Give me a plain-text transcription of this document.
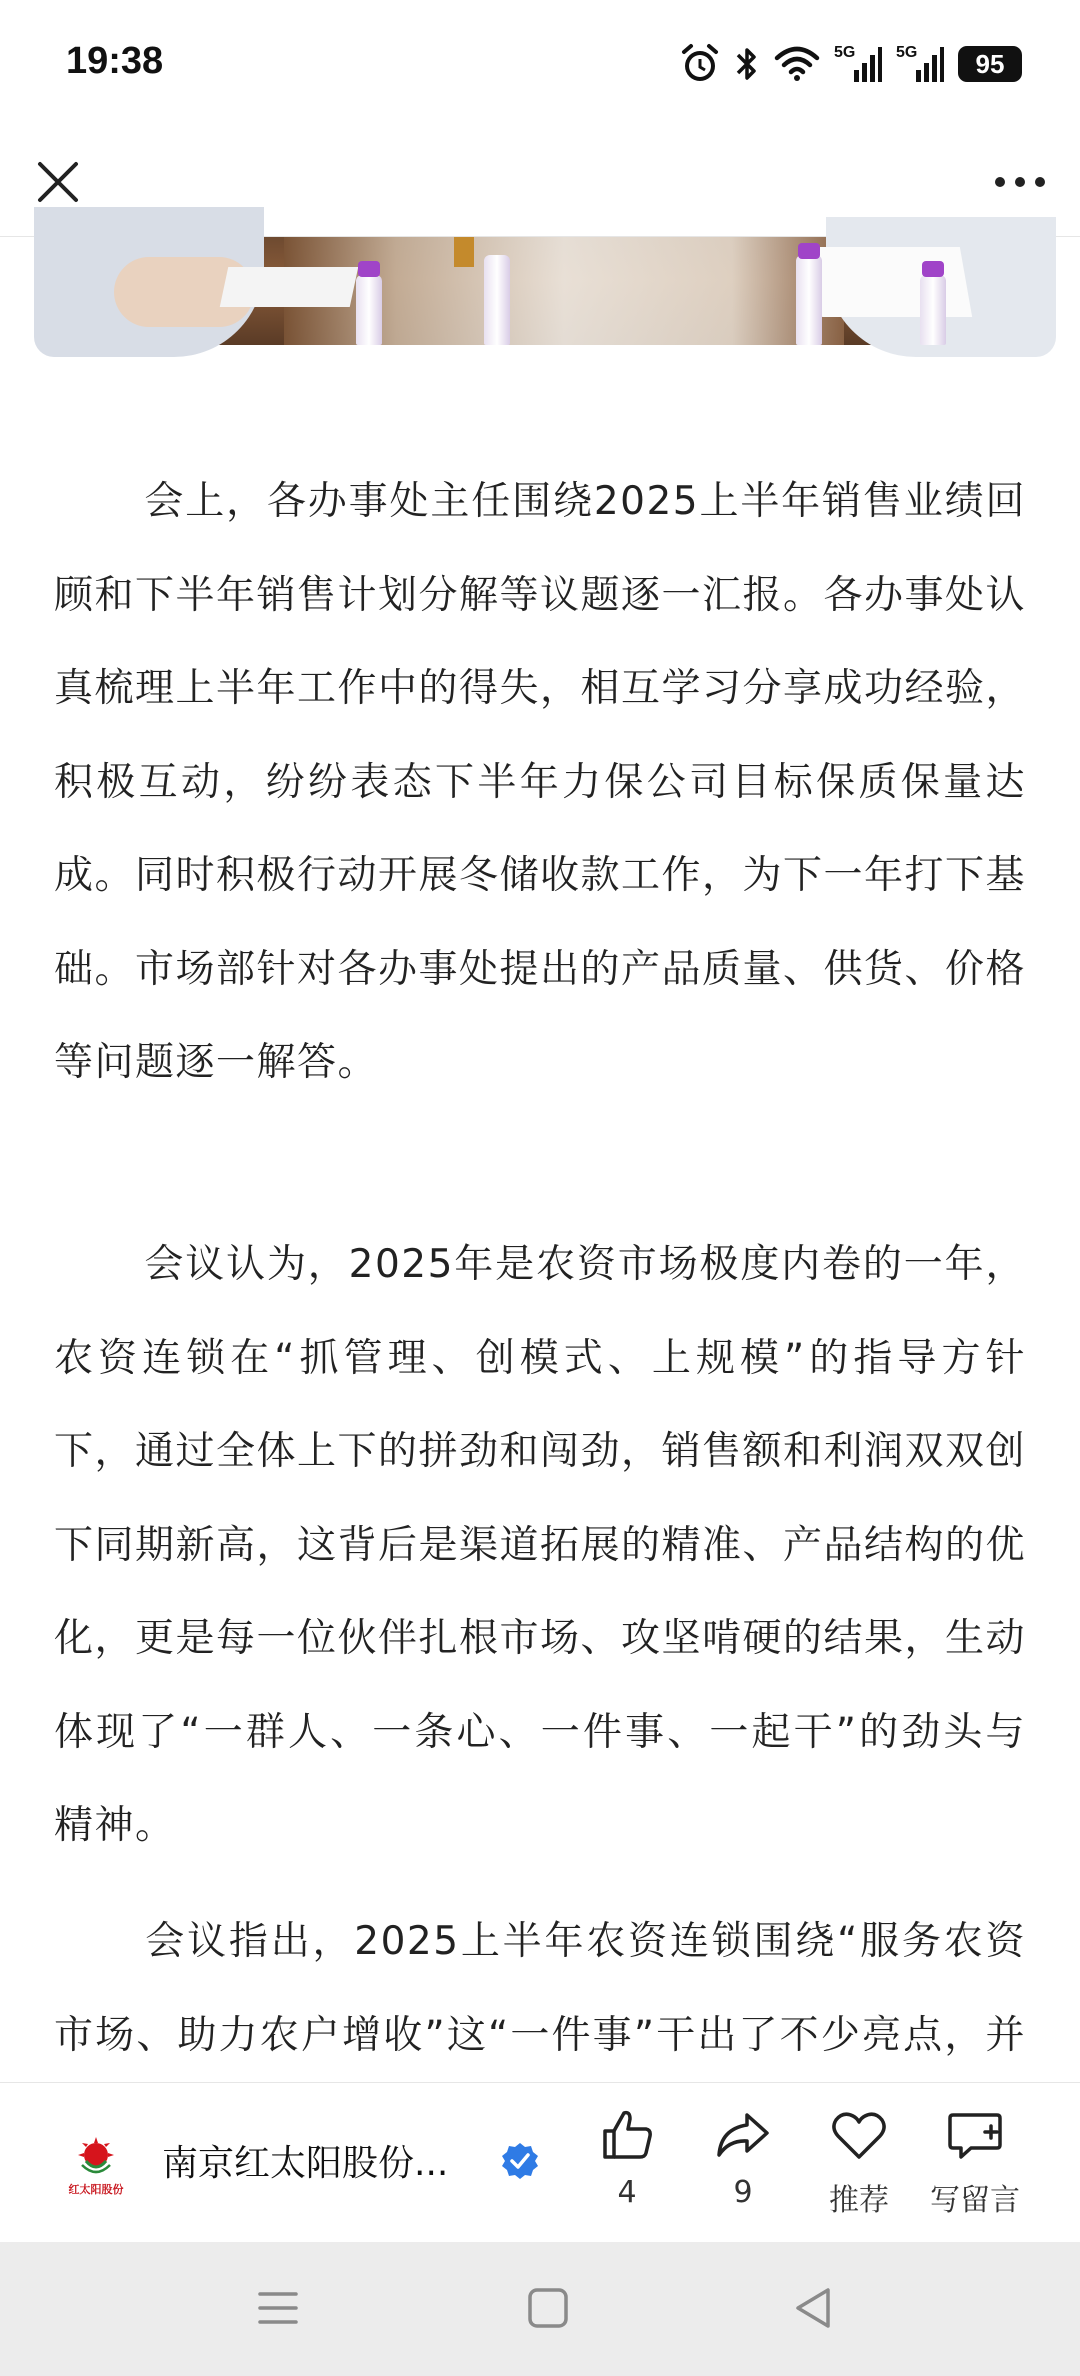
19:38	5G	5G	95

会上，各办事处主任围绕2025上半年销售业绩回顾和下半年销售计划分解等议题逐一汇报。各办事处认真梳理上半年工作中的得失，相互学习分享成功经验，积极互动，纷纷表态下半年力保公司目标保质保量达成。同时积极行动开展冬储收款工作，为下一年打下基础。市场部针对各办事处提出的产品质量、供货、价格等问题逐一解答。

会议认为，2025年是农资市场极度内卷的一年，农资连锁在“抓管理、创模式、上规模”的指导方针下，通过全体上下的拼劲和闯劲，销售额和利润双双创下同期新高，这背后是渠道拓展的精准、产品结构的优化，更是每一位伙伴扎根市场、攻坚啃硬的结果，生动体现了“一群人、一条心、一件事、一起干”的劲头与精神。

会议指出，2025上半年农资连锁围绕“服务农资市场、助力农户增收”这“一件事”干出了不少亮点，并

红太阳股份
南京红太阳股份...
4	9	推荐	写留言
